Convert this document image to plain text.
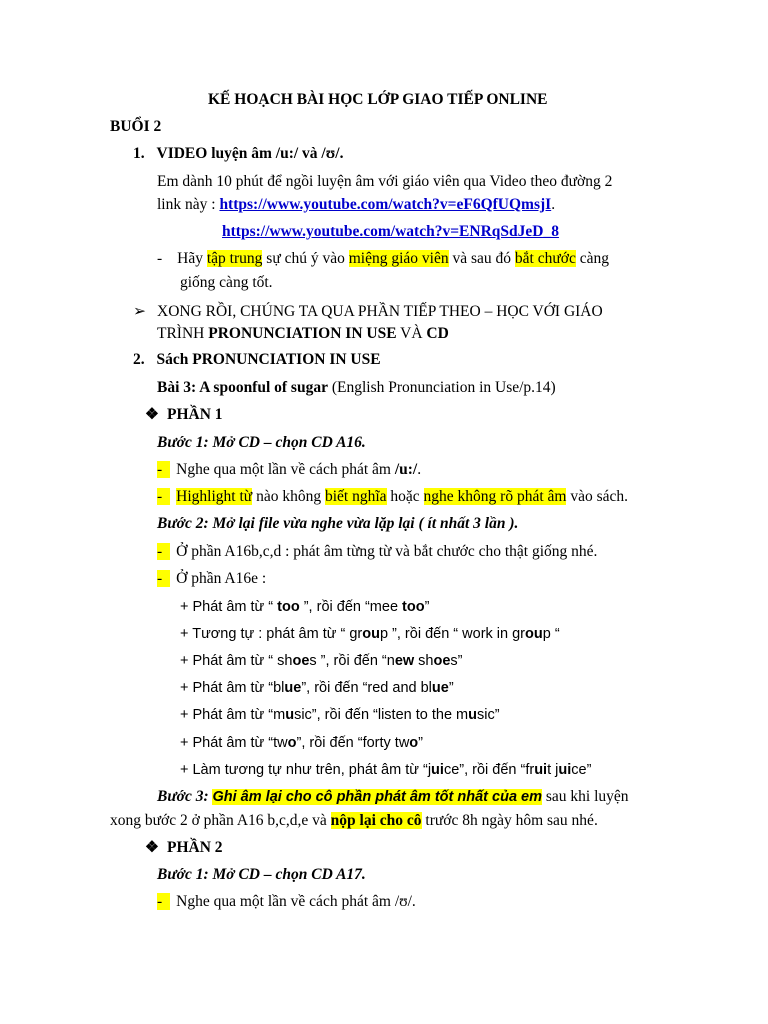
KẾ HOẠCH BÀI HỌC LỚP GIAO TIẾP ONLINE
BUỔI 2
1. VIDEO luyện âm /u:/ và /ʊ/.
Em dành 10 phút để ngồi luyện âm với giáo viên qua Video theo đường 2
link này : https://www.youtube.com/watch?v=eF6QfUQmsjI.
https://www.youtube.com/watch?v=ENRqSdJeD_8
- Hãy tập trung sự chú ý vào miệng giáo viên và sau đó bắt chước càng
giống càng tốt.
➢ XONG RỒI, CHÚNG TA QUA PHẦN TIẾP THEO – HỌC VỚI GIÁO
TRÌNH PRONUNCIATION IN USE VÀ CD
2. Sách PRONUNCIATION IN USE
Bài 3: A spoonful of sugar (English Pronunciation in Use/p.14)
❖ PHẦN 1
Bước 1: Mở CD – chọn CD A16.
- Nghe qua một lần về cách phát âm /u:/.
- Highlight từ nào không biết nghĩa hoặc nghe không rõ phát âm vào sách.
Bước 2: Mở lại file vừa nghe vừa lặp lại ( ít nhất 3 lần ).
- Ở phần A16b,c,d : phát âm từng từ và bắt chước cho thật giống nhé.
- Ở phần A16e :
+ Phát âm từ “ too ”, rồi đến “mee too”
+ Tương tự : phát âm từ “ group ”, rồi đến “ work in group “
+ Phát âm từ “ shoes ”, rồi đến “new shoes”
+ Phát âm từ “blue”, rồi đến “red and blue”
+ Phát âm từ “music”, rồi đến “listen to the music”
+ Phát âm từ “two”, rồi đến “forty two”
+ Làm tương tự như trên, phát âm từ “juice”, rồi đến “fruit juice”
Bước 3: Ghi âm lại cho cô phần phát âm tốt nhất của em sau khi luyện
xong bước 2 ở phần A16 b,c,d,e và nộp lại cho cô trước 8h ngày hôm sau nhé.
❖ PHẦN 2
Bước 1: Mở CD – chọn CD A17.
- Nghe qua một lần về cách phát âm /ʊ/.
